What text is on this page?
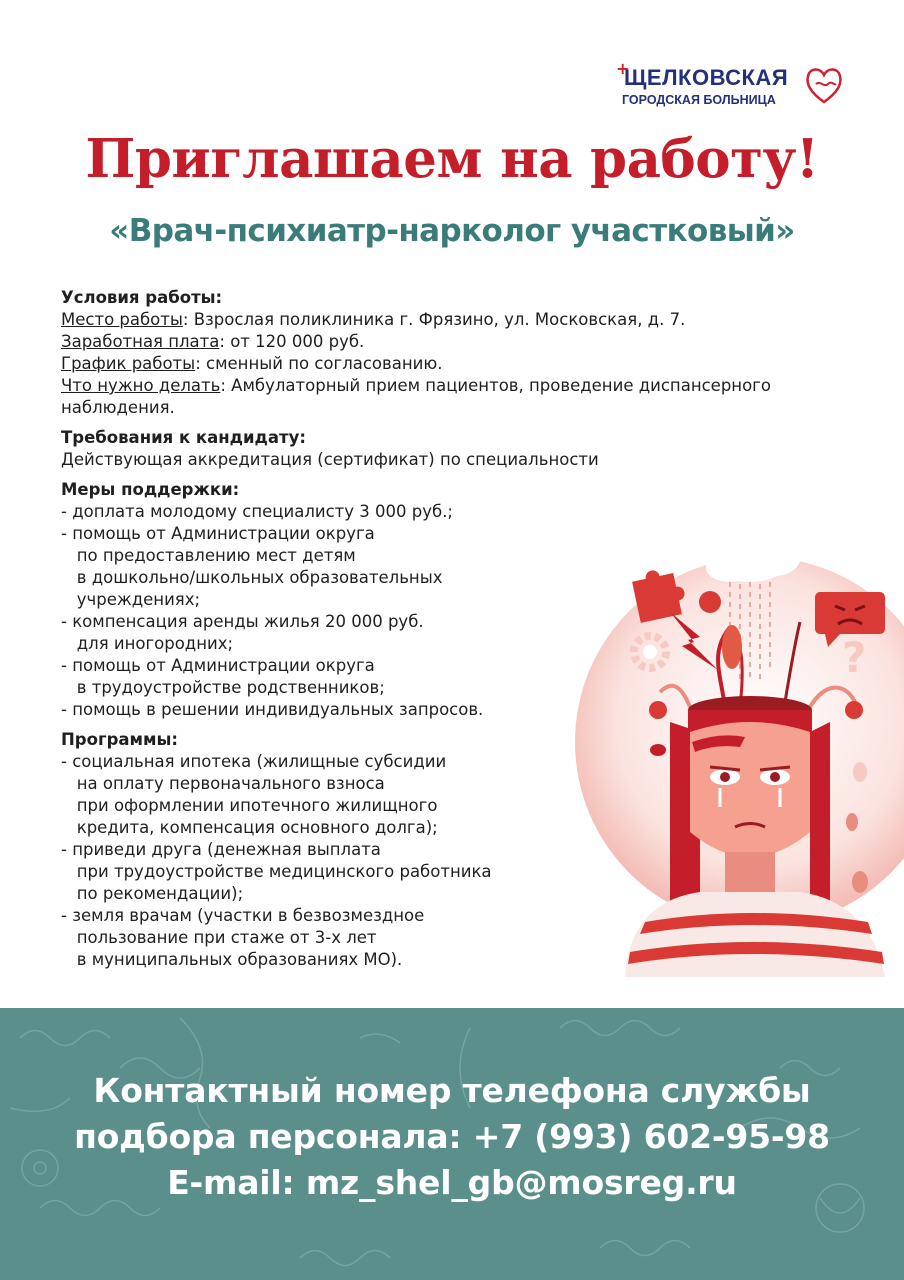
+
ЩЕЛКОВСКАЯ
ГОРОДСКАЯ БОЛЬНИЦА
Приглашаем на работу!
«Врач-психиатр-нарколог участковый»
Условия работы:
Место работы: Взрослая поликлиника г. Фрязино, ул. Московская, д. 7.
Заработная плата: от 120 000 руб.
График работы: сменный по согласованию.
Что нужно делать: Амбулаторный прием пациентов, проведение диспансерного наблюдения.
Требования к кандидату:
Действующая аккредитация (сертификат) по специальности
Меры поддержки:
- доплата молодому специалисту 3 000 руб.;
- помощь от Администрации округа
по предоставлению мест детям
в дошкольно/школьных образовательных
учреждениях;
- компенсация аренды жилья 20 000 руб.
для иногородних;
- помощь от Администрации округа
в трудоустройстве родственников;
- помощь в решении индивидуальных запросов.
Программы:
- социальная ипотека (жилищные субсидии
на оплату первоначального взноса
при оформлении ипотечного жилищного
кредита, компенсация основного долга);
- приведи друга (денежная выплата
при трудоустройстве медицинского работника
по рекомендации);
- земля врачам (участки в безвозмездное
пользование при стаже от 3-х лет
в муниципальных образованиях МО).
?
Контактный номер телефона службы
подбора персонала: +7 (993) 602-95-98
E-mail: mz_shel_gb@mosreg.ru
